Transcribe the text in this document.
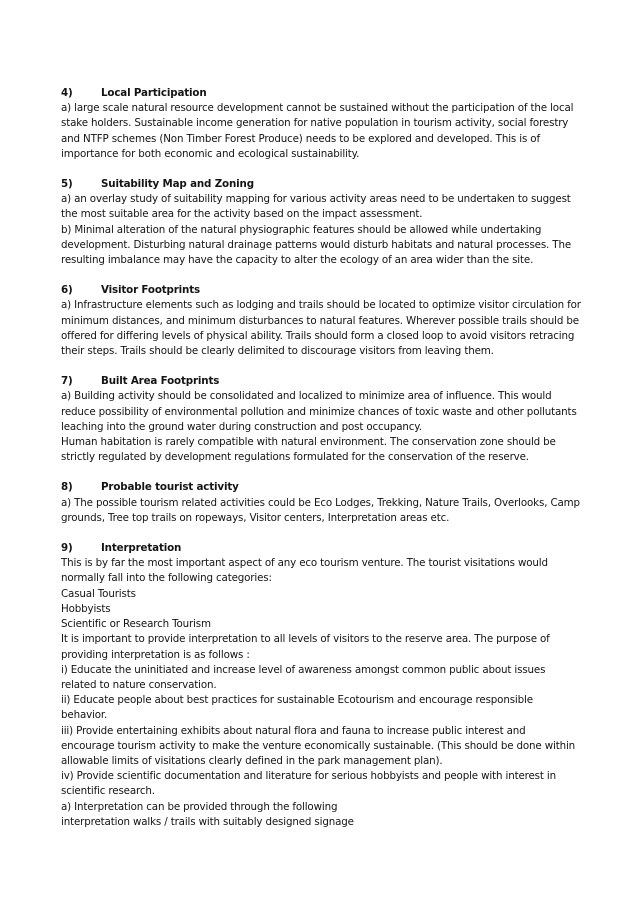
4)	Local Participation

a) large scale natural resource development cannot be sustained without the participation of the local stake holders. Sustainable income generation for native population in tourism activity, social forestry and NTFP schemes (Non Timber Forest Produce) needs to be explored and developed. This is of importance for both economic and ecological sustainability.

5)	Suitability Map and Zoning

a) an overlay study of suitability mapping for various activity areas need to be undertaken to suggest the most suitable area for the activity based on the impact assessment.

b) Minimal alteration of the natural physiographic features should be allowed while undertaking development. Disturbing natural drainage patterns would disturb habitats and natural processes. The resulting imbalance may have the capacity to alter the ecology of an area wider than the site.

6)	Visitor Footprints

a) Infrastructure elements such as lodging and trails should be located to optimize visitor circulation for minimum distances, and minimum disturbances to natural features. Wherever possible trails should be offered for differing levels of physical ability. Trails should form a closed loop to avoid visitors retracing their steps. Trails should be clearly delimited to discourage visitors from leaving them.

7)	Built Area Footprints

a) Building activity should be consolidated and localized to minimize area of influence. This would reduce possibility of environmental pollution and minimize chances of toxic waste and other pollutants leaching into the ground water during construction and post occupancy.

Human habitation is rarely compatible with natural environment. The conservation zone should be strictly regulated by development regulations formulated for the conservation of the reserve.

8)	Probable tourist activity

a) The possible tourism related activities could be Eco Lodges, Trekking, Nature Trails, Overlooks, Camp grounds, Tree top trails on ropeways, Visitor centers, Interpretation areas etc.

9)	Interpretation

This is by far the most important aspect of any eco tourism venture. The tourist visitations would normally fall into the following categories:

Casual Tourists

Hobbyists

Scientific or Research Tourism

It is important to provide interpretation to all levels of visitors to the reserve area. The purpose of providing interpretation is as follows :

i) Educate the uninitiated and increase level of awareness amongst common public about issues related to nature conservation.

ii) Educate people about best practices for sustainable Ecotourism and encourage responsible behavior.

iii) Provide entertaining exhibits about natural flora and fauna to increase public interest and encourage tourism activity to make the venture economically sustainable. (This should be done within allowable limits of visitations clearly defined in the park management plan).

iv) Provide scientific documentation and literature for serious hobbyists and people with interest in scientific research.

a) Interpretation can be provided through the following

interpretation walks / trails with suitably designed signage
